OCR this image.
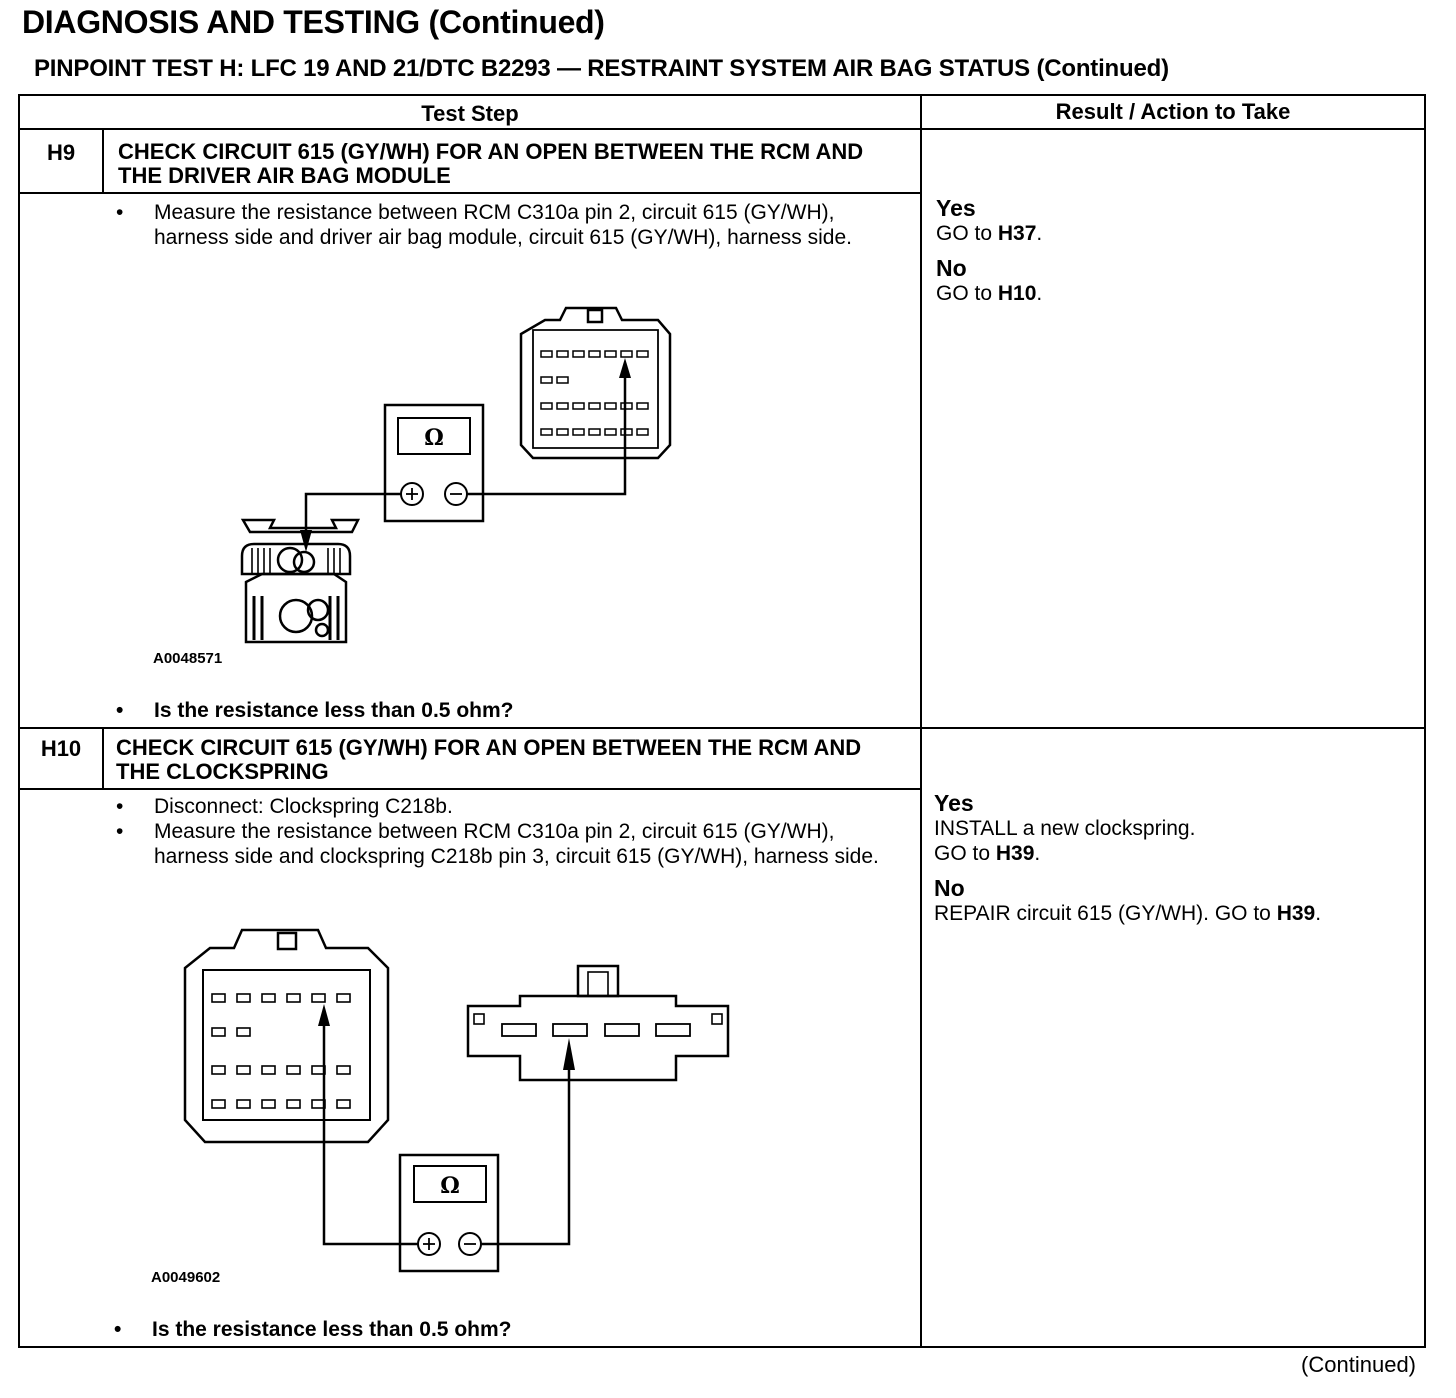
DIAGNOSIS AND TESTING (Continued)
PINPOINT TEST H: LFC 19 AND 21/DTC B2293 — RESTRAINT SYSTEM AIR BAG STATUS (Continued)
Test Step	Result / Action to Take
H9	CHECK CIRCUIT 615 (GY/WH) FOR AN OPEN BETWEEN THE RCM AND THE DRIVER AIR BAG MODULE
• Measure the resistance between RCM C310a pin 2, circuit 615 (GY/WH), harness side and driver air bag module, circuit 615 (GY/WH), harness side.
Ω
A0048571
• Is the resistance less than 0.5 ohm?
Yes
GO to H37.
No
GO to H10.
H10	CHECK CIRCUIT 615 (GY/WH) FOR AN OPEN BETWEEN THE RCM AND THE CLOCKSPRING
• Disconnect: Clockspring C218b.
• Measure the resistance between RCM C310a pin 2, circuit 615 (GY/WH), harness side and clockspring C218b pin 3, circuit 615 (GY/WH), harness side.
Ω
A0049602
• Is the resistance less than 0.5 ohm?
Yes
INSTALL a new clockspring.
GO to H39.
No
REPAIR circuit 615 (GY/WH). GO to H39.
(Continued)
